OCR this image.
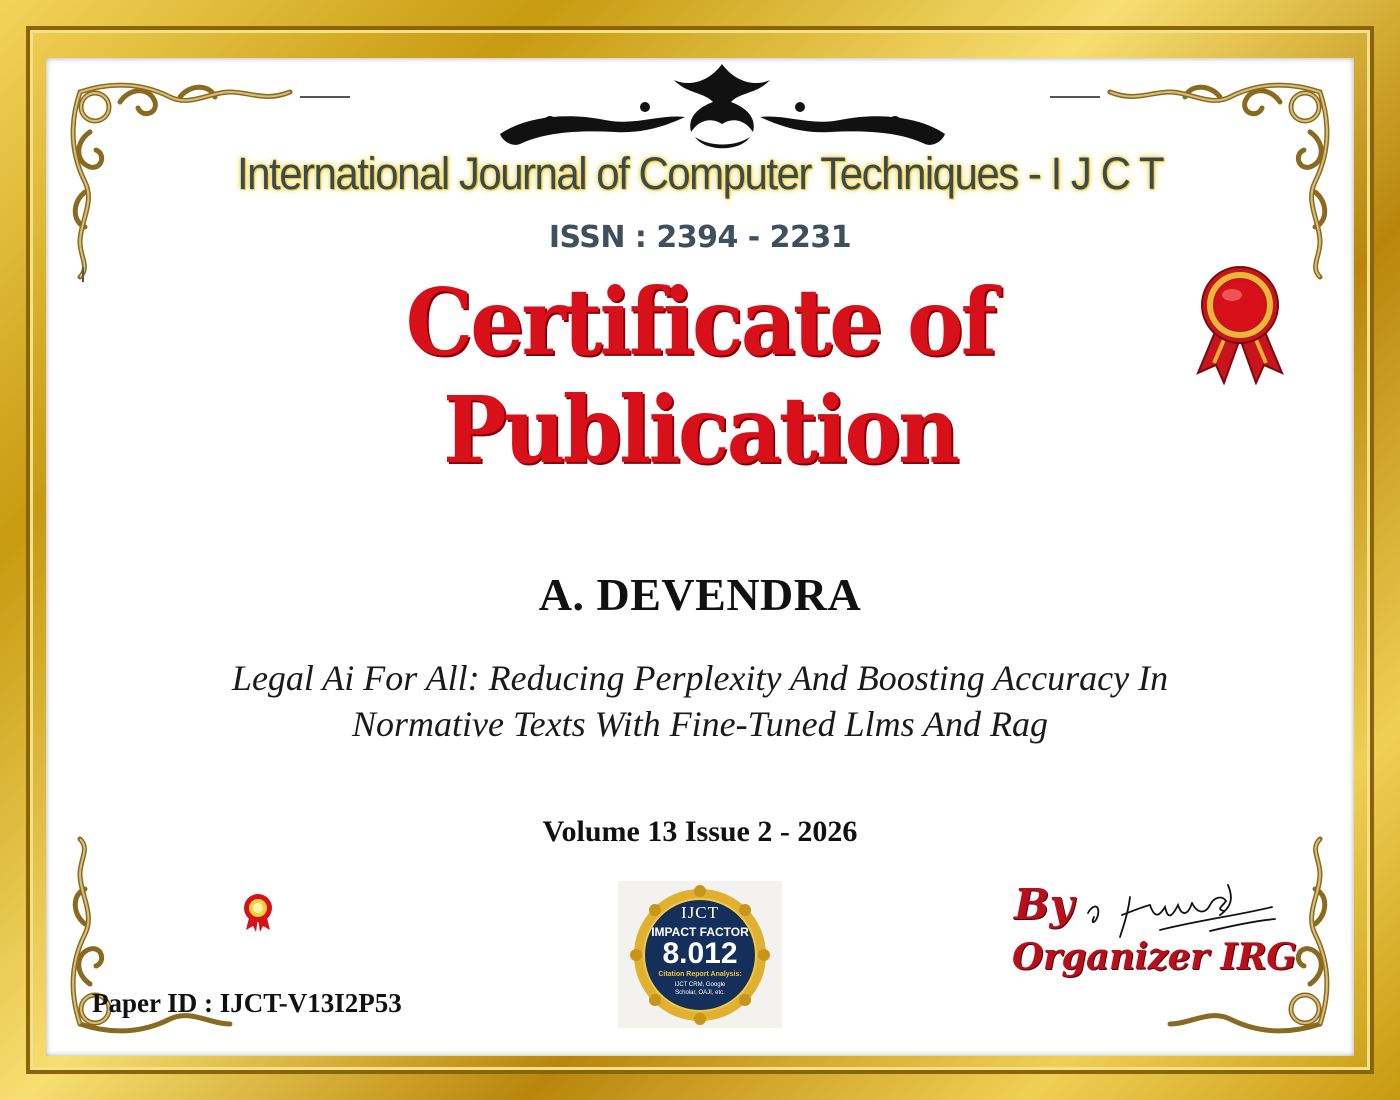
International Journal of Computer Techniques - I J C T
ISSN : 2394 - 2231
Certificate of Publication
A. DEVENDRA
Legal Ai For All: Reducing Perplexity And Boosting Accuracy In
Normative Texts With Fine-Tuned Llms And Rag
Volume 13 Issue 2 - 2026
Paper ID : IJCT-V13I2P53
IJCT
IMPACT FACTOR
8.012
Citation Report Analysis:
IJCT CRM, Google Scholar, OAJI, etc.
By
Organizer IRG
